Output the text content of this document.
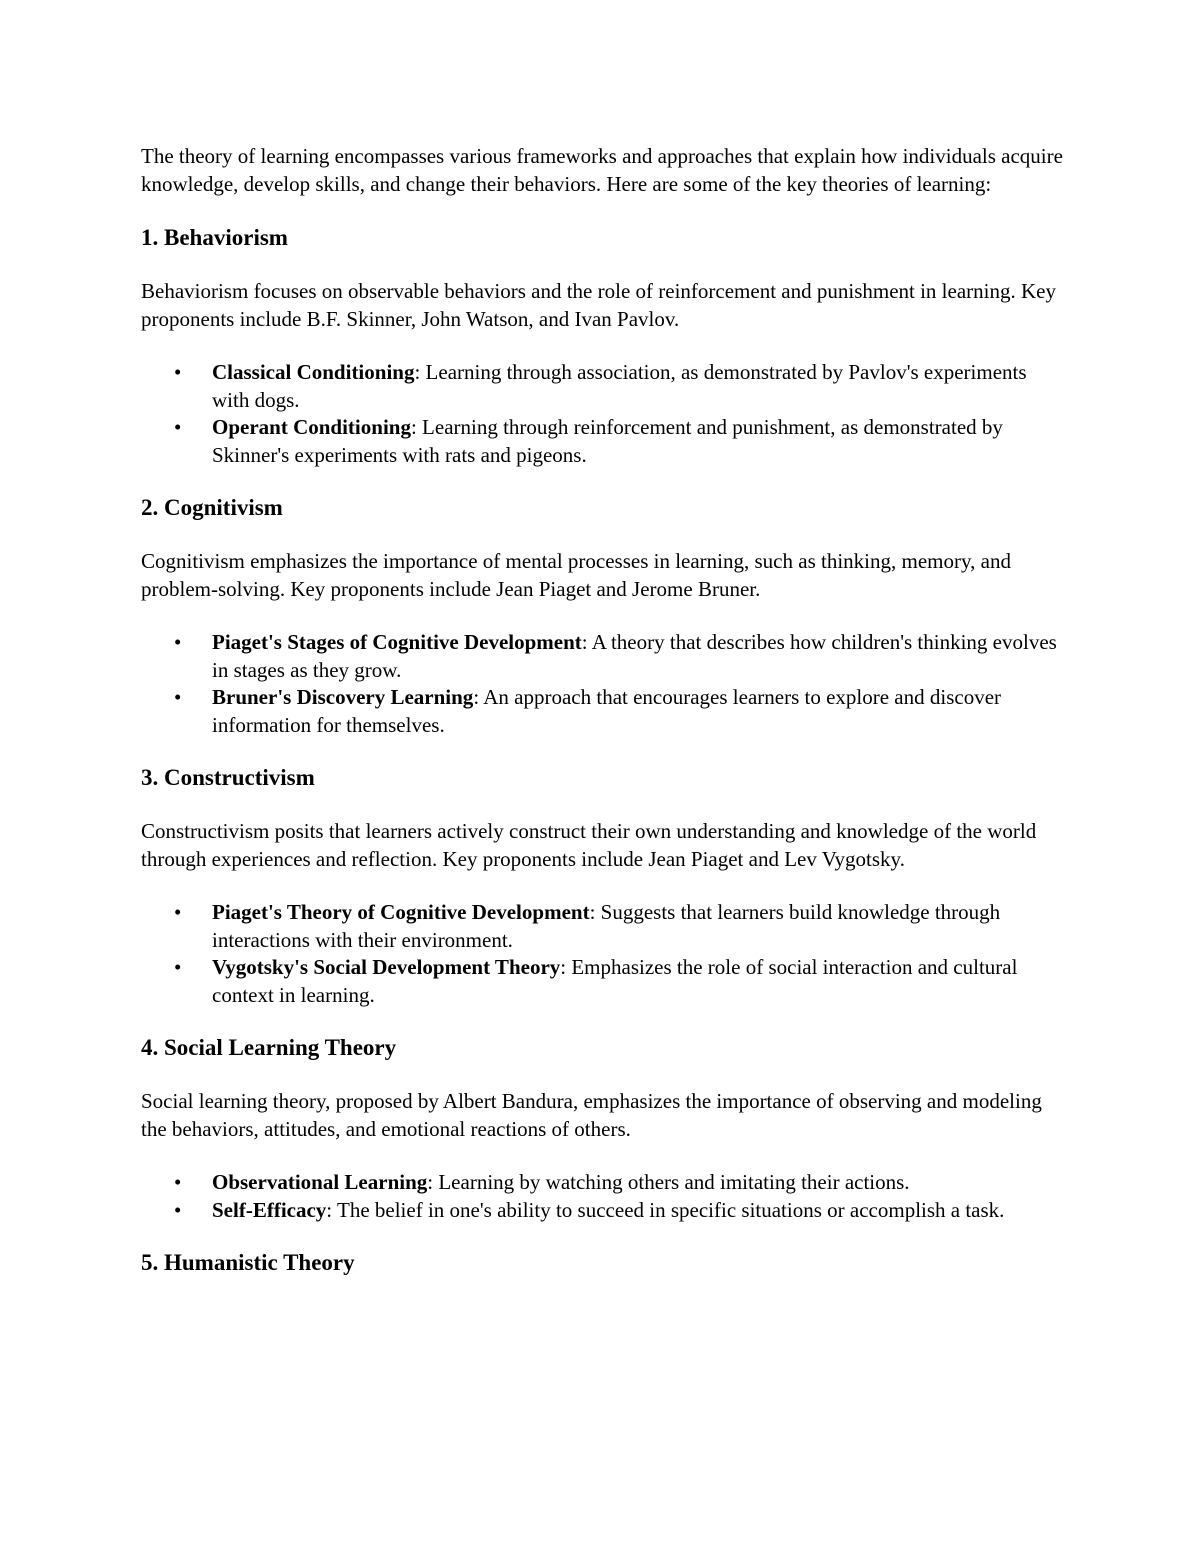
The theory of learning encompasses various frameworks and approaches that explain how individuals acquire knowledge, develop skills, and change their behaviors. Here are some of the key theories of learning:

1. Behaviorism

Behaviorism focuses on observable behaviors and the role of reinforcement and punishment in learning. Key proponents include B.F. Skinner, John Watson, and Ivan Pavlov.

• Classical Conditioning: Learning through association, as demonstrated by Pavlov's experiments with dogs.
• Operant Conditioning: Learning through reinforcement and punishment, as demonstrated by Skinner's experiments with rats and pigeons.
2. Cognitivism

Cognitivism emphasizes the importance of mental processes in learning, such as thinking, memory, and problem-solving. Key proponents include Jean Piaget and Jerome Bruner.

• Piaget's Stages of Cognitive Development: A theory that describes how children's thinking evolves in stages as they grow.
• Bruner's Discovery Learning: An approach that encourages learners to explore and discover information for themselves.
3. Constructivism

Constructivism posits that learners actively construct their own understanding and knowledge of the world through experiences and reflection. Key proponents include Jean Piaget and Lev Vygotsky.

• Piaget's Theory of Cognitive Development: Suggests that learners build knowledge through interactions with their environment.
• Vygotsky's Social Development Theory: Emphasizes the role of social interaction and cultural context in learning.
4. Social Learning Theory

Social learning theory, proposed by Albert Bandura, emphasizes the importance of observing and modeling the behaviors, attitudes, and emotional reactions of others.

• Observational Learning: Learning by watching others and imitating their actions.
• Self-Efficacy: The belief in one's ability to succeed in specific situations or accomplish a task.
5. Humanistic Theory
